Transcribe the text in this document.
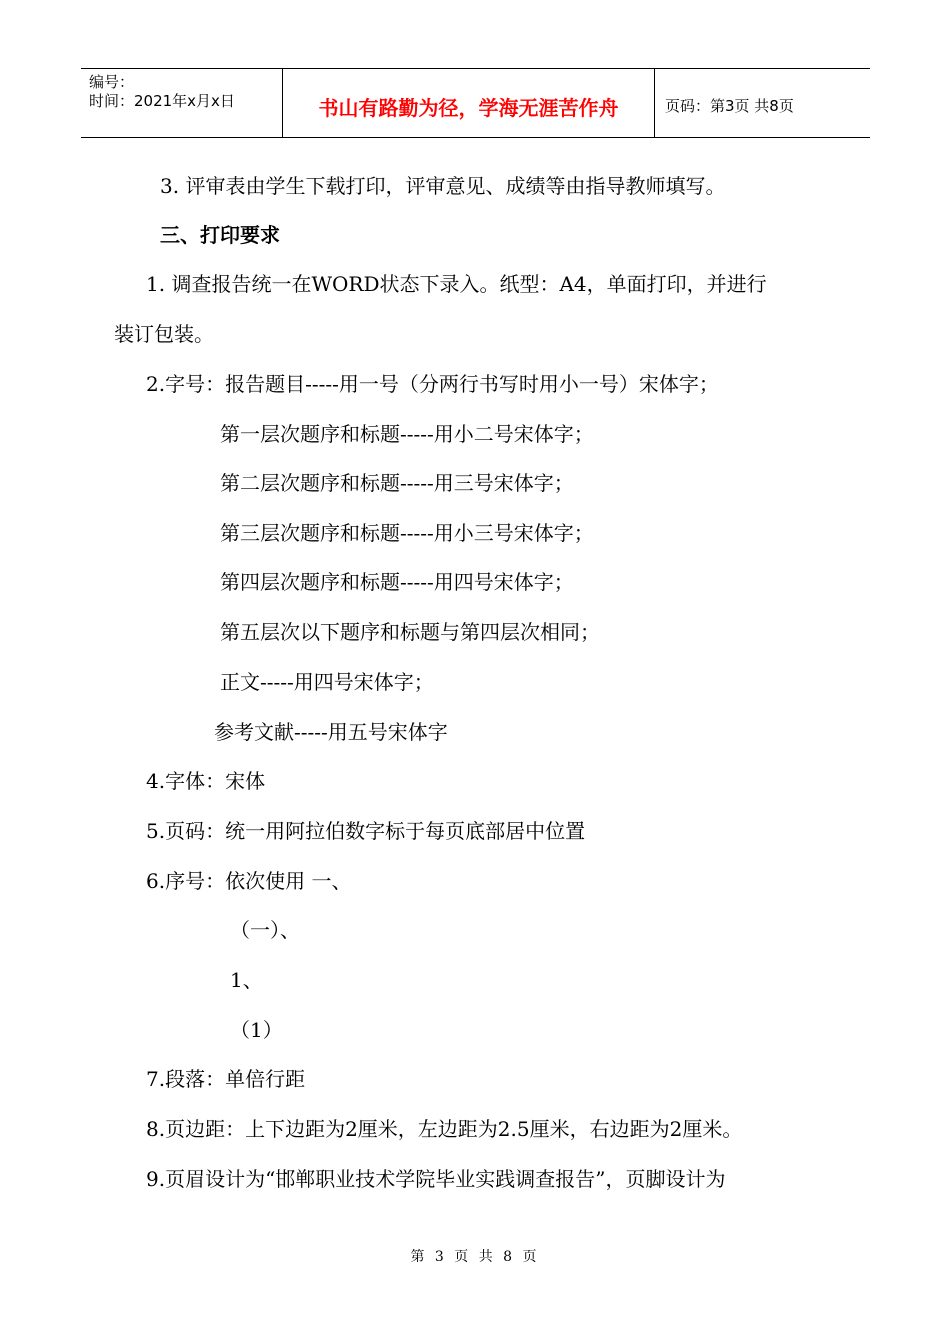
编号：
时间：2021年x月x日	书山有路勤为径，学海无涯苦作舟	页码：第3页 共8页
3. 评审表由学生下载打印，评审意见、成绩等由指导教师填写。
三、打印要求
1. 调查报告统一在WORD状态下录入。纸型：A4，单面打印，并进行
装订包装。
2.字号：报告题目-----用一号（分两行书写时用小一号）宋体字；
第一层次题序和标题-----用小二号宋体字；
第二层次题序和标题-----用三号宋体字；
第三层次题序和标题-----用小三号宋体字；
第四层次题序和标题-----用四号宋体字；
第五层次以下题序和标题与第四层次相同；
正文-----用四号宋体字；
参考文献-----用五号宋体字
4.字体：宋体
5.页码：统一用阿拉伯数字标于每页底部居中位置
6.序号：依次使用 一、
（一）、
1、
（1）
7.段落：单倍行距
8.页边距：上下边距为2厘米，左边距为2.5厘米，右边距为2厘米。
9.页眉设计为“邯郸职业技术学院毕业实践调查报告”，页脚设计为
第 3 页 共 8 页
